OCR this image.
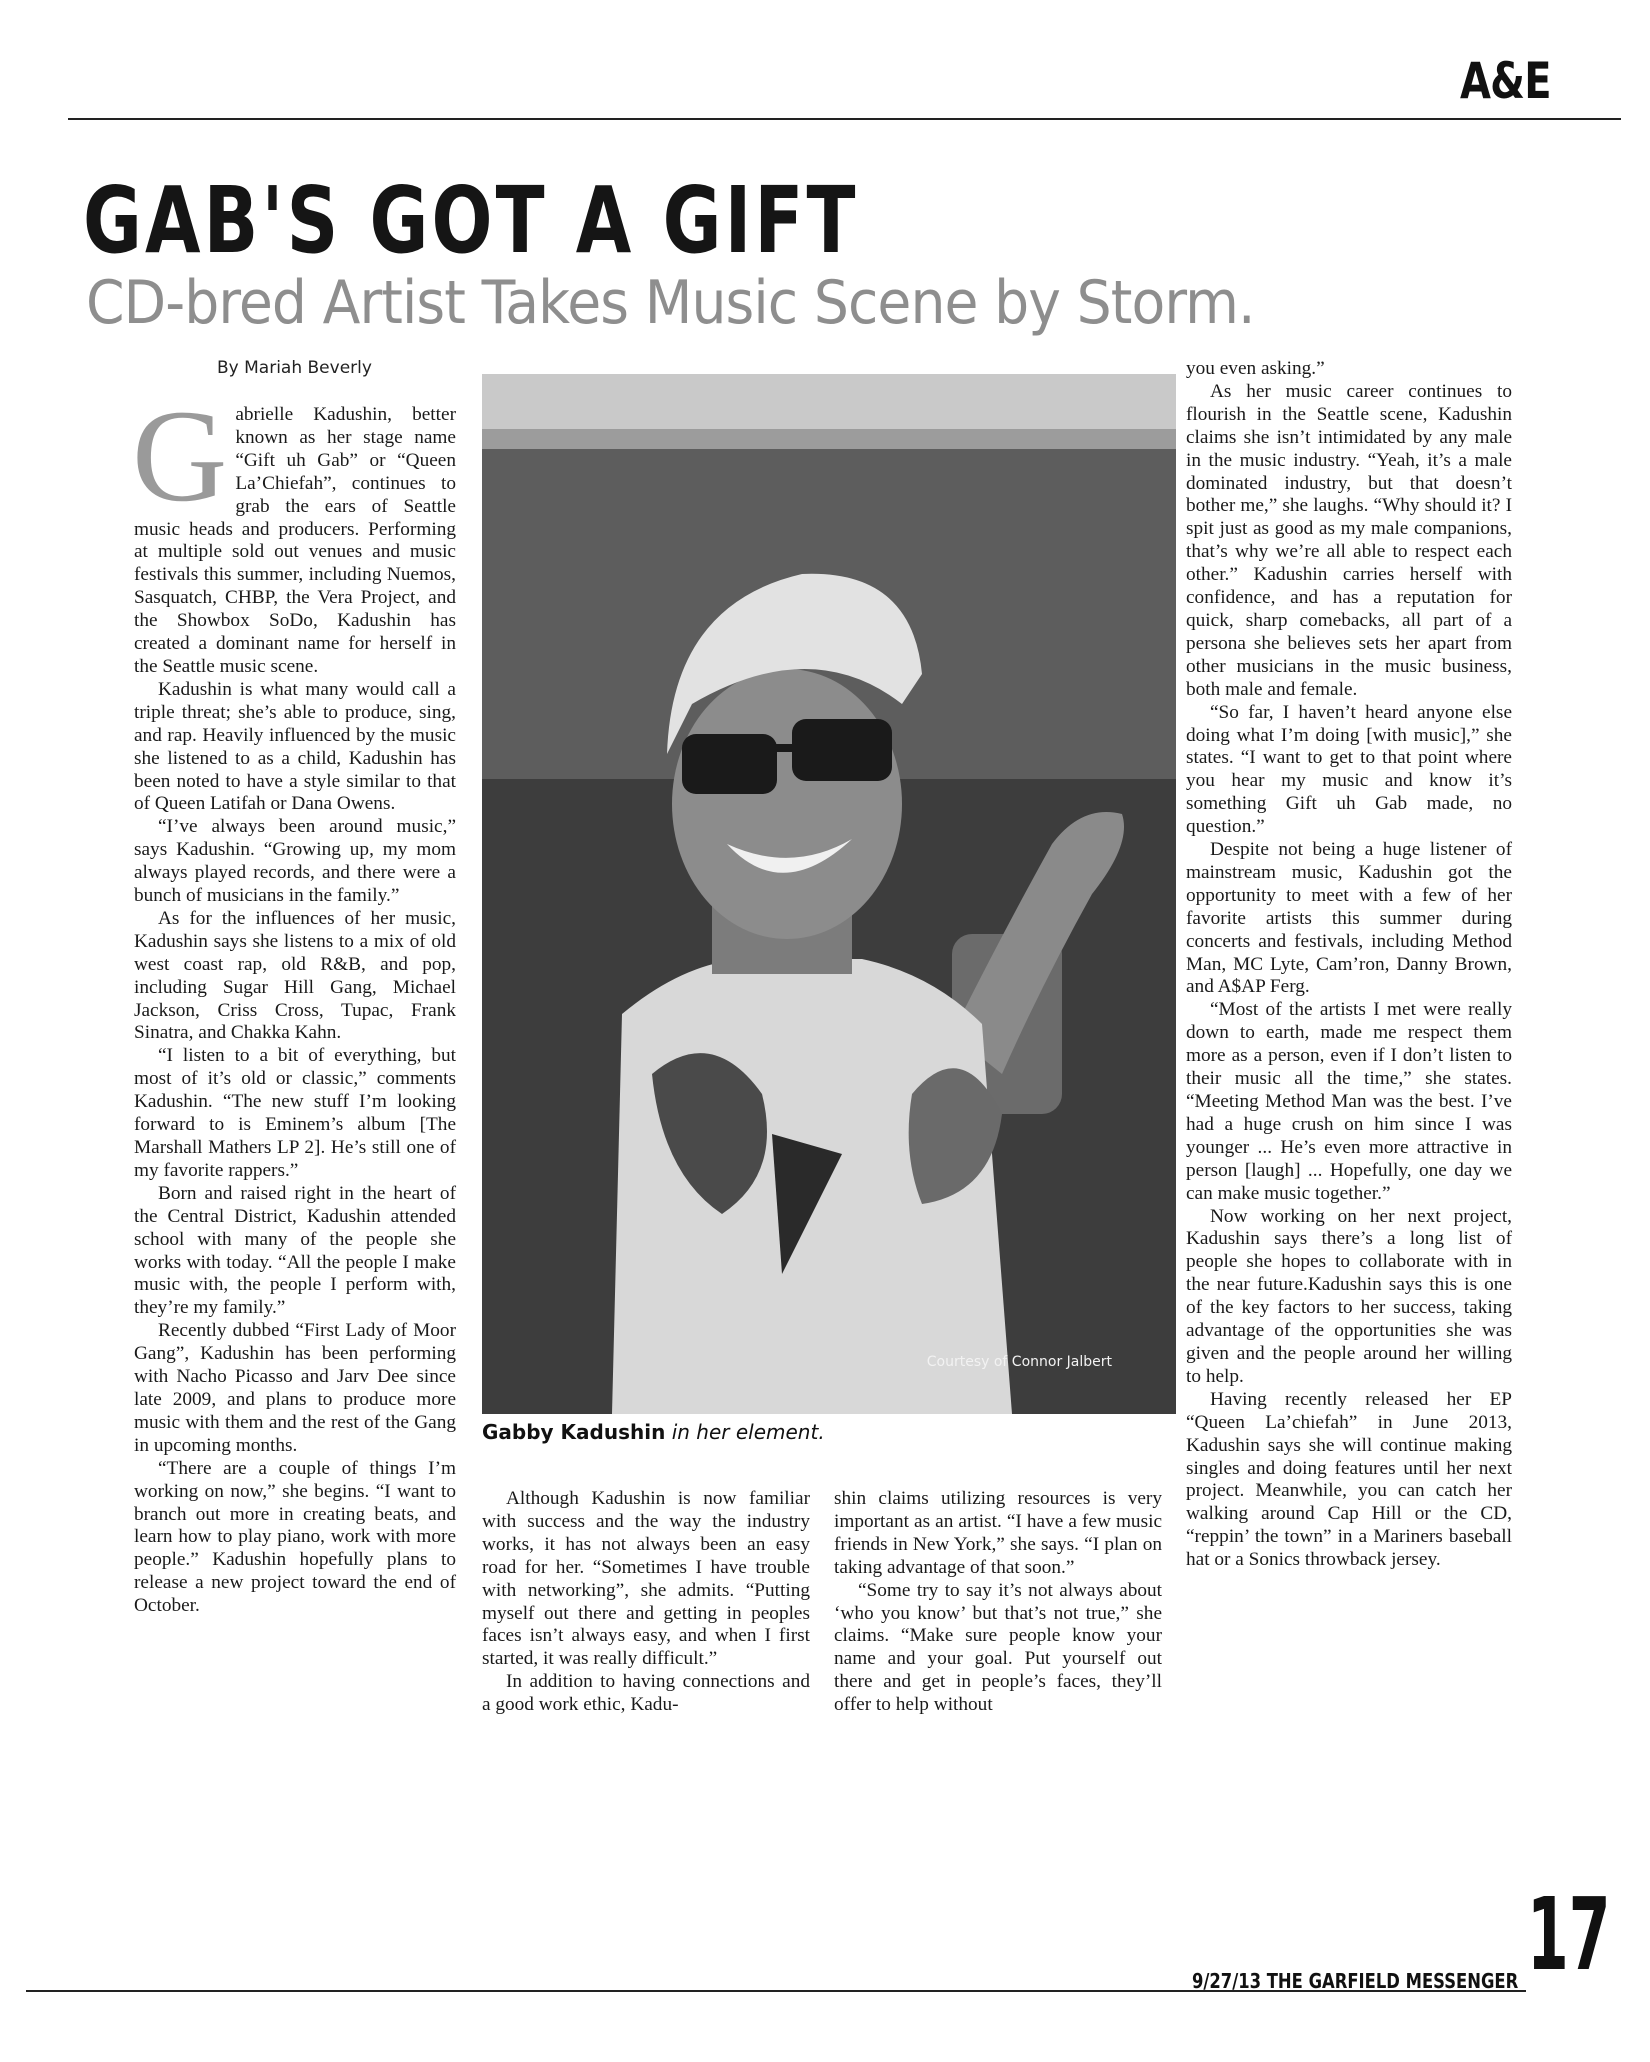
A&E
GAB'S GOT A GIFT
CD-bred Artist Takes Music Scene by Storm.
By Mariah Beverly

Gabrielle Kadushin, better known as her stage name “Gift uh Gab” or “Queen La’Chiefah”, continues to grab the ears of Seattle music heads and producers. Performing at multiple sold out venues and music festivals this summer, including Nuemos, Sasquatch, CHBP, the Vera Project, and the Showbox SoDo, Kadushin has created a dominant name for herself in the Seattle music scene.

Kadushin is what many would call a triple threat; she’s able to produce, sing, and rap. Heavily influenced by the music she listened to as a child, Kadushin has been noted to have a style similar to that of Queen Latifah or Dana Owens.

“I’ve always been around music,” says Kadushin. “Growing up, my mom always played records, and there were a bunch of musicians in the family.”

As for the influences of her music, Kadushin says she listens to a mix of old west coast rap, old R&B, and pop, including Sugar Hill Gang, Michael Jackson, Criss Cross, Tupac, Frank Sinatra, and Chakka Kahn.

“I listen to a bit of everything, but most of it’s old or classic,” comments Kadushin. “The new stuff I’m looking forward to is Eminem’s album [The Marshall Mathers LP 2]. He’s still one of my favorite rappers.”

Born and raised right in the heart of the Central District, Kadushin attended school with many of the people she works with today. “All the people I make music with, the people I perform with, they’re my family.”

Recently dubbed “First Lady of Moor Gang”, Kadushin has been performing with Nacho Picasso and Jarv Dee since late 2009, and plans to produce more music with them and the rest of the Gang in upcoming months.

“There are a couple of things I’m working on now,” she begins. “I want to branch out more in creating beats, and learn how to play piano, work with more people.” Kadushin hopefully plans to release a new project toward the end of October.

Courtesy of Connor Jalbert
Gabby Kadushin in her element.

Although Kadushin is now familiar with success and the way the industry works, it has not always been an easy road for her. “Sometimes I have trouble with networking”, she admits. “Putting myself out there and getting in peoples faces isn’t always easy, and when I first started, it was really difficult.”

In addition to having connections and a good work ethic, Kadu-

shin claims utilizing resources is very important as an artist. “I have a few music friends in New York,” she says. “I plan on taking advantage of that soon.”

“Some try to say it’s not always about ‘who you know’ but that’s not true,” she claims. “Make sure people know your name and your goal. Put yourself out there and get in people’s faces, they’ll offer to help without

you even asking.”

As her music career continues to flourish in the Seattle scene, Kadushin claims she isn’t intimidated by any male in the music industry. “Yeah, it’s a male dominated industry, but that doesn’t bother me,” she laughs. “Why should it? I spit just as good as my male companions, that’s why we’re all able to respect each other.” Kadushin carries herself with confidence, and has a reputation for quick, sharp comebacks, all part of a persona she believes sets her apart from other musicians in the music business, both male and female.

“So far, I haven’t heard anyone else doing what I’m doing [with music],” she states. “I want to get to that point where you hear my music and know it’s something Gift uh Gab made, no question.”

Despite not being a huge listener of mainstream music, Kadushin got the opportunity to meet with a few of her favorite artists this summer during concerts and festivals, including Method Man, MC Lyte, Cam’ron, Danny Brown, and A$AP Ferg.

“Most of the artists I met were really down to earth, made me respect them more as a person, even if I don’t listen to their music all the time,” she states. “Meeting Method Man was the best. I’ve had a huge crush on him since I was younger ... He’s even more attractive in person [laugh] ... Hopefully, one day we can make music together.”

Now working on her next project, Kadushin says there’s a long list of people she hopes to collaborate with in the near future.Kadushin says this is one of the key factors to her success, taking advantage of the opportunities she was given and the people around her willing to help.

Having recently released her EP “Queen La’chiefah” in June 2013, Kadushin says she will continue making singles and doing features until her next project. Meanwhile, you can catch her walking around Cap Hill or the CD, “reppin’ the town” in a Mariners baseball hat or a Sonics throwback jersey.

9/27/13 THE GARFIELD MESSENGER 17
